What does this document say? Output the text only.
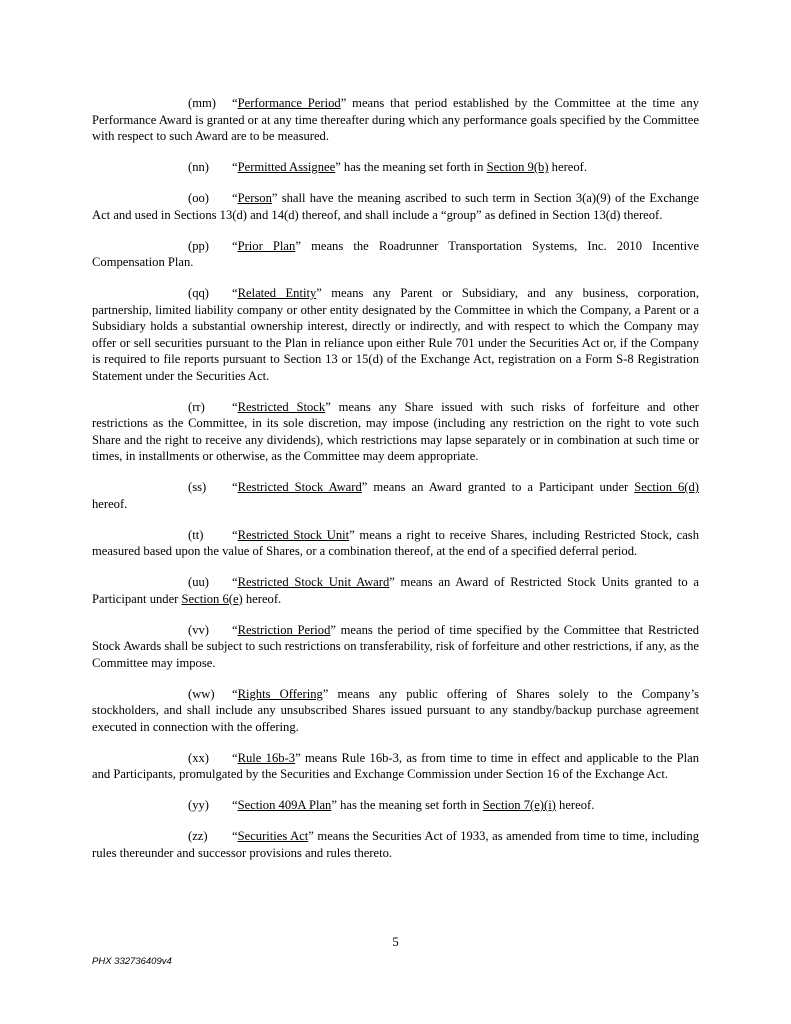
(mm) “Performance Period” means that period established by the Committee at the time any Performance Award is granted or at any time thereafter during which any performance goals specified by the Committee with respect to such Award are to be measured.

(nn) “Permitted Assignee” has the meaning set forth in Section 9(b) hereof.

(oo) “Person” shall have the meaning ascribed to such term in Section 3(a)(9) of the Exchange Act and used in Sections 13(d) and 14(d) thereof, and shall include a “group” as defined in Section 13(d) thereof.

(pp) “Prior Plan” means the Roadrunner Transportation Systems, Inc. 2010 Incentive Compensation Plan.

(qq) “Related Entity” means any Parent or Subsidiary, and any business, corporation, partnership, limited liability company or other entity designated by the Committee in which the Company, a Parent or a Subsidiary holds a substantial ownership interest, directly or indirectly, and with respect to which the Company may offer or sell securities pursuant to the Plan in reliance upon either Rule 701 under the Securities Act or, if the Company is required to file reports pursuant to Section 13 or 15(d) of the Exchange Act, registration on a Form S-8 Registration Statement under the Securities Act.

(rr) “Restricted Stock” means any Share issued with such risks of forfeiture and other restrictions as the Committee, in its sole discretion, may impose (including any restriction on the right to vote such Share and the right to receive any dividends), which restrictions may lapse separately or in combination at such time or times, in installments or otherwise, as the Committee may deem appropriate.

(ss) “Restricted Stock Award” means an Award granted to a Participant under Section 6(d) hereof.

(tt) “Restricted Stock Unit” means a right to receive Shares, including Restricted Stock, cash measured based upon the value of Shares, or a combination thereof, at the end of a specified deferral period.

(uu) “Restricted Stock Unit Award” means an Award of Restricted Stock Units granted to a Participant under Section 6(e) hereof.

(vv) “Restriction Period” means the period of time specified by the Committee that Restricted Stock Awards shall be subject to such restrictions on transferability, risk of forfeiture and other restrictions, if any, as the Committee may impose.

(ww) “Rights Offering” means any public offering of Shares solely to the Company’s stockholders, and shall include any unsubscribed Shares issued pursuant to any standby/backup purchase agreement executed in connection with the offering.

(xx) “Rule 16b-3” means Rule 16b-3, as from time to time in effect and applicable to the Plan and Participants, promulgated by the Securities and Exchange Commission under Section 16 of the Exchange Act.

(yy) “Section 409A Plan” has the meaning set forth in Section 7(e)(i) hereof.

(zz) “Securities Act” means the Securities Act of 1933, as amended from time to time, including rules thereunder and successor provisions and rules thereto.

5
PHX 332736409v4
